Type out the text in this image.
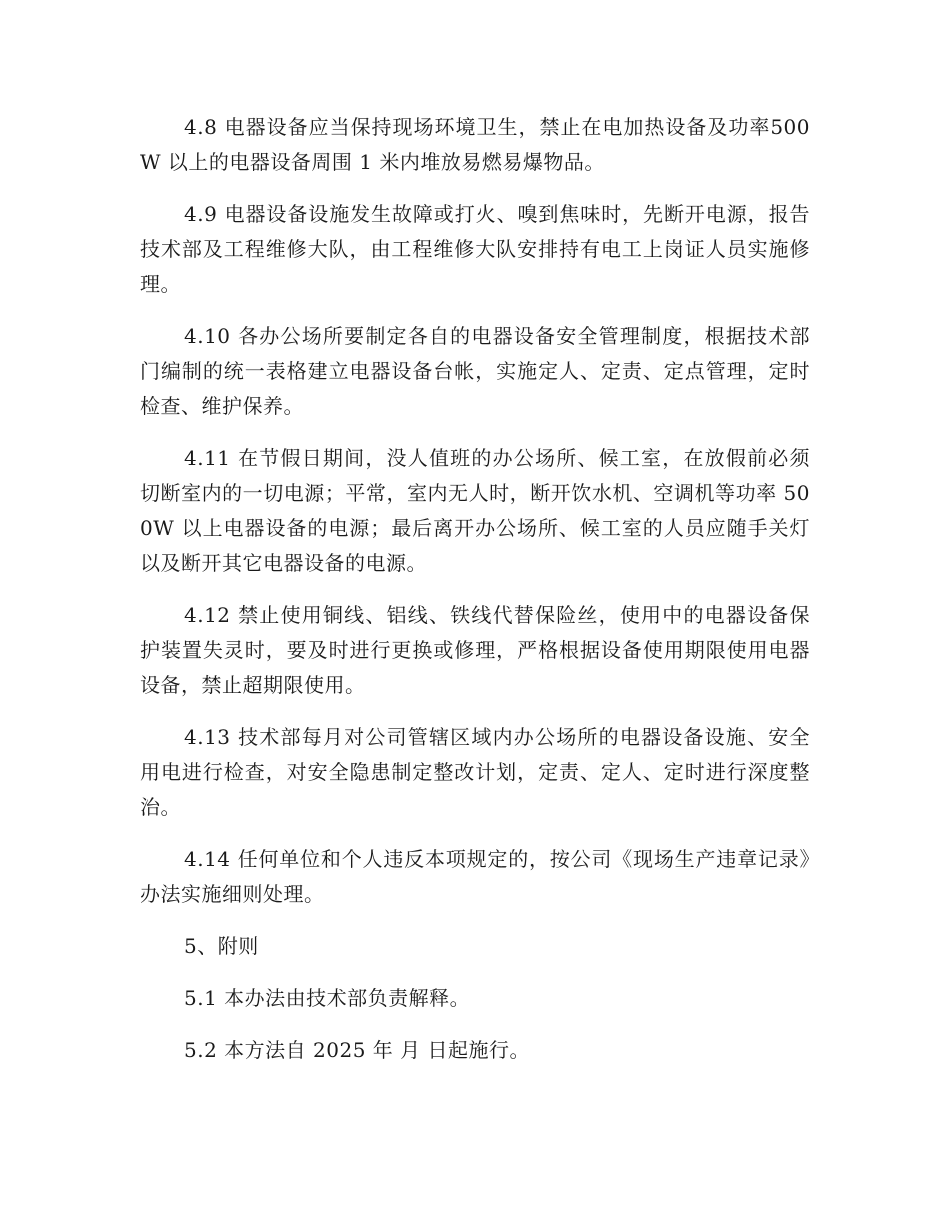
4.8 电器设备应当保持现场环境卫生，禁止在电加热设备及功率500W 以上的电器设备周围 1 米内堆放易燃易爆物品。

4.9 电器设备设施发生故障或打火、嗅到焦味时，先断开电源，报告技术部及工程维修大队，由工程维修大队安排持有电工上岗证人员实施修理。

4.10 各办公场所要制定各自的电器设备安全管理制度，根据技术部门编制的统一表格建立电器设备台帐，实施定人、定责、定点管理，定时检查、维护保养。

4.11 在节假日期间，没人值班的办公场所、候工室，在放假前必须切断室内的一切电源；平常，室内无人时，断开饮水机、空调机等功率 500W 以上电器设备的电源；最后离开办公场所、候工室的人员应随手关灯以及断开其它电器设备的电源。

4.12 禁止使用铜线、铝线、铁线代替保险丝，使用中的电器设备保护装置失灵时，要及时进行更换或修理，严格根据设备使用期限使用电器设备，禁止超期限使用。

4.13 技术部每月对公司管辖区域内办公场所的电器设备设施、安全用电进行检查，对安全隐患制定整改计划，定责、定人、定时进行深度整治。

4.14 任何单位和个人违反本项规定的，按公司《现场生产违章记录》办法实施细则处理。

5、附则

5.1 本办法由技术部负责解释。

5.2 本方法自 2025 年 月 日起施行。
